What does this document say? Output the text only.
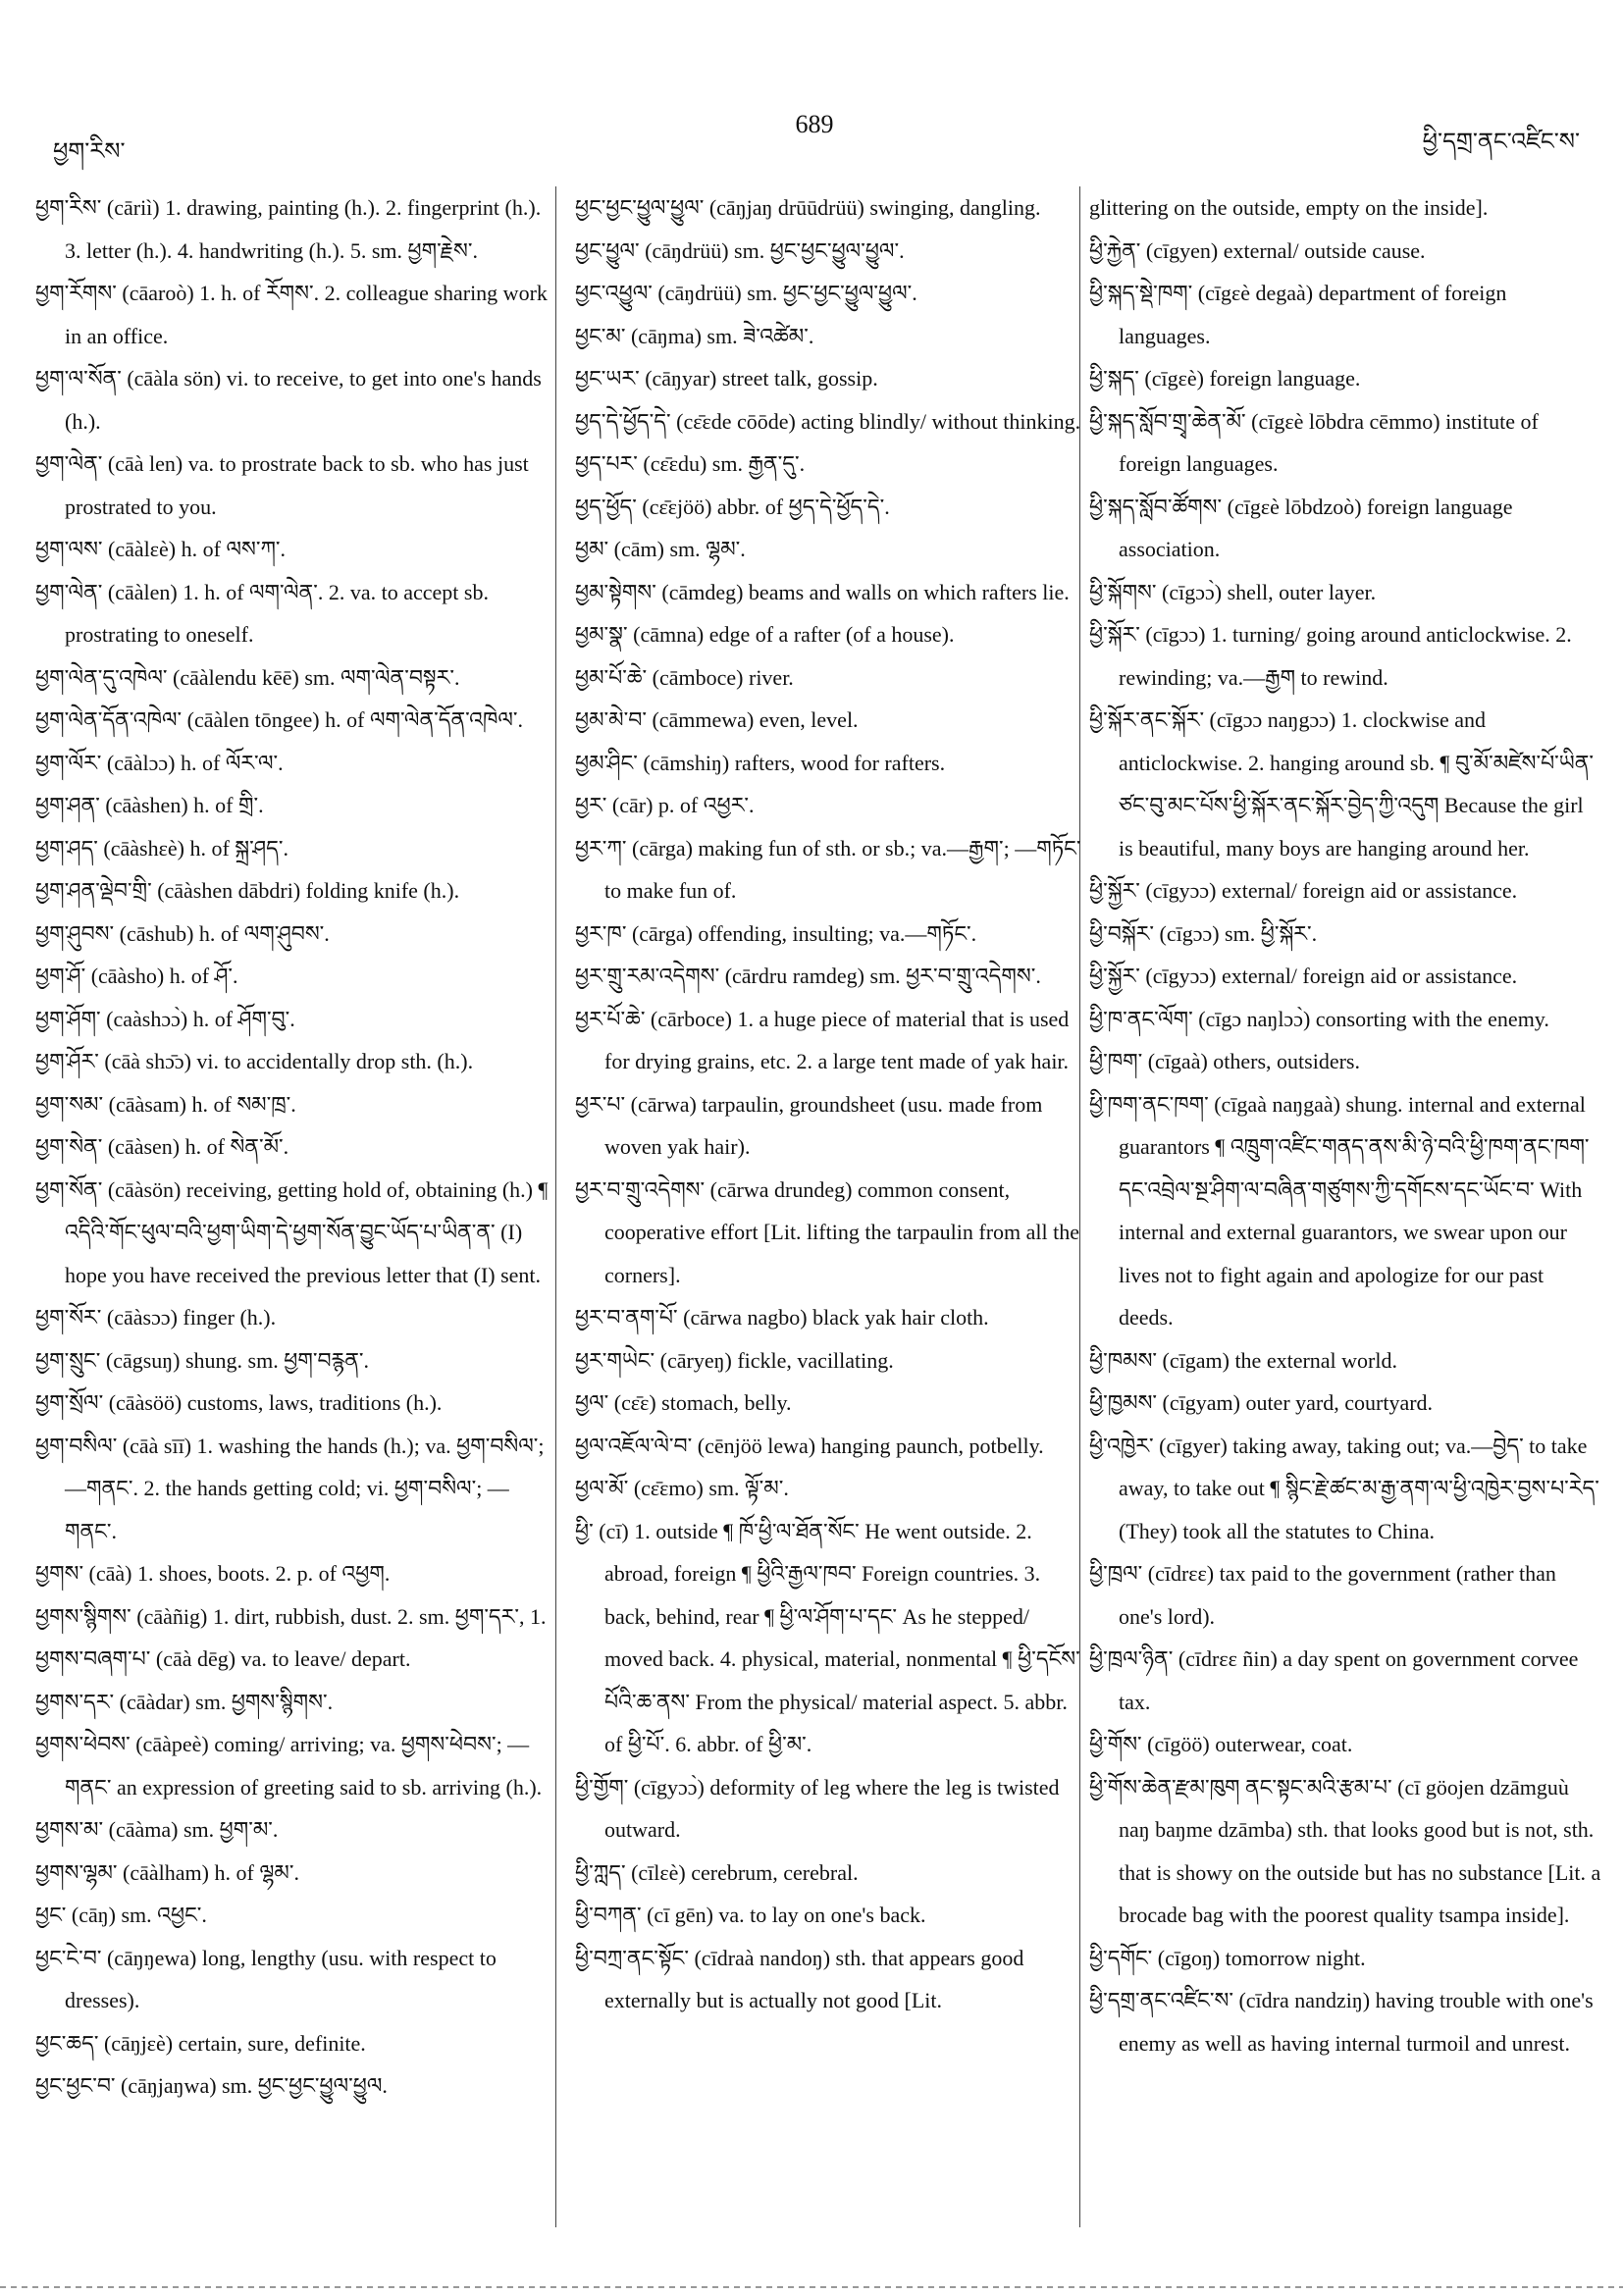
ཕྱག་རིས་
689
ཕྱི་དགྲ་ནང་འཛིང་ས་
ཕྱག་རིས་ (cāriì) 1. drawing, painting (h.). 2. fingerprint (h.). 3. letter (h.). 4. handwriting (h.). 5. sm. ཕྱག་རྗེས་.
ཕྱག་རོགས་ (cāaroò) 1. h. of རོགས་. 2. colleague sharing work in an office.
ཕྱག་ལ་སོན་ (cāàla sön) vi. to receive, to get into one's hands (h.).
ཕྱག་ལེན་ (cāà len) va. to prostrate back to sb. who has just prostrated to you.
ཕྱག་ལས་ (cāàlɛè) h. of ལས་ཀ་.
ཕྱག་ལེན་ (cāàlen) 1. h. of ལག་ལེན་. 2. va. to accept sb. prostrating to oneself.
ཕྱག་ལེན་དུ་འཁེལ་ (cāàlendu kēē) sm. ལག་ལེན་བསྟར་.
ཕྱག་ལེན་དོན་འཁེལ་ (cāàlen tōngee) h. of ལག་ལེན་དོན་འཁེལ་.
ཕྱག་ལོར་ (cāàlɔɔ) h. of ལོར་ལ་.
ཕྱག་ཤན་ (cāàshen) h. of གྲི་.
ཕྱག་ཤད་ (cāàshɛè) h. of སྐྲ་ཤད་.
ཕྱག་ཤན་ལྡེབ་གྲི་ (cāàshen dābdri) folding knife (h.).
ཕྱག་ཤུབས་ (cāshub) h. of ལག་ཤུབས་.
ཕྱག་ཤོ་ (cāàsho) h. of ཤོ་.
ཕྱག་ཤོག་ (caàshɔɔ̀) h. of ཤོག་བུ་.
ཕྱག་ཤོར་ (cāà shɔ̄ɔ) vi. to accidentally drop sth. (h.).
ཕྱག་སམ་ (cāàsam) h. of སམ་ཁྲ་.
ཕྱག་སེན་ (cāàsen) h. of སེན་མོ་.
ཕྱག་སོན་ (cāàsön) receiving, getting hold of, obtaining (h.) ¶ འདིའི་གོང་ཕུལ་བའི་ཕྱག་ཡིག་དེ་ཕྱག་སོན་བྱུང་ཡོད་པ་ཡིན་ན་ (I) hope you have received the previous letter that (I) sent.
ཕྱག་སོར་ (cāàsɔɔ) finger (h.).
ཕྱག་སྲུང་ (cāgsuŋ) shung. sm. ཕྱག་བརྙན་.
ཕྱག་སྲོལ་ (cāàsöö) customs, laws, traditions (h.).
ཕྱག་བསིལ་ (cāà sīī) 1. washing the hands (h.); va. ཕྱག་བསིལ་; —གནང་. 2. the hands getting cold; vi. ཕྱག་བསིལ་; —གནང་.
ཕྱགས་ (cāà) 1. shoes, boots. 2. p. of འཕྱག.
ཕྱགས་སྙིགས་ (cāàñig) 1. dirt, rubbish, dust. 2. sm. ཕྱག་དར་, 1.
ཕྱགས་བཞག་པ་ (cāà dēg) va. to leave/ depart.
ཕྱགས་དར་ (cāàdar) sm. ཕྱགས་སྙིགས་.
ཕྱགས་ཕེབས་ (cāàpeè) coming/ arriving; va. ཕྱགས་ཕེབས་; —གནང་ an expression of greeting said to sb. arriving (h.).
ཕྱགས་མ་ (cāàma) sm. ཕྱག་མ་.
ཕྱགས་ལྷམ་ (cāàlham) h. of ལྷམ་.
ཕྱང་ (cāŋ) sm. འཕྱང་.
ཕྱང་ངེ་བ་ (cāŋŋewa) long, lengthy (usu. with respect to dresses).
ཕྱང་ཆད་ (cāŋjɛè) certain, sure, definite.
ཕྱང་ཕྱང་བ་ (cāŋjaŋwa) sm. ཕྱང་ཕྱང་ཕྱུལ་ཕྱུལ.
ཕྱང་ཕྱང་ཕྱུལ་ཕྱུལ་ (cāŋjaŋ drūūdrüü) swinging, dangling.
ཕྱང་ཕྱུལ་ (cāŋdrüü) sm. ཕྱང་ཕྱང་ཕྱུལ་ཕྱུལ་.
ཕྱང་འཕྱུལ་ (cāŋdrüü) sm. ཕྱང་ཕྱང་ཕྱུལ་ཕྱུལ་.
ཕྱང་མ་ (cāŋma) sm. ཟེ་འཚེམ་.
ཕྱང་ཡར་ (cāŋyar) street talk, gossip.
ཕྱད་དེ་ཕྱོད་དེ་ (cɛ̄ɛde cōōde) acting blindly/ without thinking.
ཕྱད་པར་ (cɛ̄ɛdu) sm. རྒྱན་དུ་.
ཕྱད་ཕྱོད་ (cɛ̄ɛjöö) abbr. of ཕྱད་དེ་ཕྱོད་དེ་.
ཕྱམ་ (cām) sm. ལྷམ་.
ཕྱམ་སྟེགས་ (cāmdeg) beams and walls on which rafters lie.
ཕྱམ་སྣ་ (cāmna) edge of a rafter (of a house).
ཕྱམ་པོ་ཆེ་ (cāmboce) river.
ཕྱམ་མེ་བ་ (cāmmewa) even, level.
ཕྱམ་ཤིང་ (cāmshiŋ) rafters, wood for rafters.
ཕྱར་ (cār) p. of འཕྱར་.
ཕྱར་ཀ་ (cārga) making fun of sth. or sb.; va.—རྒྱག་; —གཏོང་ to make fun of.
ཕྱར་ཁ་ (cārga) offending, insulting; va.—གཏོང་.
ཕྱར་གྲུ་རམ་འདེགས་ (cārdru ramdeg) sm. ཕྱར་བ་གྲུ་འདེགས་.
ཕྱར་པོ་ཆེ་ (cārboce) 1. a huge piece of material that is used for drying grains, etc. 2. a large tent made of yak hair.
ཕྱར་པ་ (cārwa) tarpaulin, groundsheet (usu. made from woven yak hair).
ཕྱར་བ་གྲུ་འདེགས་ (cārwa drundeg) common consent, cooperative effort [Lit. lifting the tarpaulin from all the corners].
ཕྱར་བ་ནག་པོ་ (cārwa nagbo) black yak hair cloth.
ཕྱར་གཡེང་ (cāryeŋ) fickle, vacillating.
ཕྱལ་ (cɛ̄ɛ) stomach, belly.
ཕྱལ་འཇོལ་ལེ་བ་ (cēnjöö lewa) hanging paunch, potbelly.
ཕྱལ་མོ་ (cɛ̄ɛmo) sm. ལྟོ་མ་.
ཕྱི་ (cī) 1. outside ¶ ཁོ་ཕྱི་ལ་ཐོན་སོང་ He went outside. 2. abroad, foreign ¶ ཕྱིའི་རྒྱལ་ཁབ་ Foreign countries. 3. back, behind, rear ¶ ཕྱི་ལ་ཤོག་པ་དང་ As he stepped/ moved back. 4. physical, material, nonmental ¶ ཕྱི་དངོས་པོའི་ཆ་ནས་ From the physical/ material aspect. 5. abbr. of ཕྱི་པོ་. 6. abbr. of ཕྱི་མ་.
ཕྱི་གྱོག་ (cīgyɔɔ̀) deformity of leg where the leg is twisted outward.
ཕྱི་ཀླད་ (cīlɛè) cerebrum, cerebral.
ཕྱི་བཀན་ (cī gēn) va. to lay on one's back.
ཕྱི་བཀྲ་ནང་སྟོང་ (cīdraà nandoŋ) sth. that appears good externally but is actually not good [Lit.
glittering on the outside, empty on the inside].
ཕྱི་རྐྱེན་ (cīgyen) external/ outside cause.
ཕྱི་སྐད་སྡེ་ཁག་ (cīgɛè degaà) department of foreign languages.
ཕྱི་སྐད་ (cīgɛè) foreign language.
ཕྱི་སྐད་སློབ་གྲྭ་ཆེན་མོ་ (cīgɛè lōbdra cēmmo) institute of foreign languages.
ཕྱི་སྐད་སློབ་ཚོགས་ (cīgɛè lōbdzoò) foreign language association.
ཕྱི་སྐོགས་ (cīgɔɔ̀) shell, outer layer.
ཕྱི་སྐོར་ (cīgɔɔ) 1. turning/ going around anticlockwise. 2. rewinding; va.—རྒྱག to rewind.
ཕྱི་སྐོར་ནང་སྐོར་ (cīgɔɔ naŋgɔɔ) 1. clockwise and anticlockwise. 2. hanging around sb. ¶ བུ་མོ་མཛེས་པོ་ཡིན་ཙང་བུ་མང་པོས་ཕྱི་སྐོར་ནང་སྐོར་བྱེད་ཀྱི་འདུག Because the girl is beautiful, many boys are hanging around her.
ཕྱི་སྐྱོར་ (cīgyɔɔ) external/ foreign aid or assistance.
ཕྱི་བསྐོར་ (cīgɔɔ) sm. ཕྱི་སྐོར་.
ཕྱི་སྐྱོར་ (cīgyɔɔ) external/ foreign aid or assistance.
ཕྱི་ཁ་ནང་ལོག་ (cīgɔ naŋlɔɔ̀) consorting with the enemy.
ཕྱི་ཁག་ (cīgaà) others, outsiders.
ཕྱི་ཁག་ནང་ཁག་ (cīgaà naŋgaà) shung. internal and external guarantors ¶ འཁྲུག་འཛིང་གནད་ནས་མི་ཉེ་བའི་ཕྱི་ཁག་ནང་ཁག་དང་འབྲེལ་སྔ་ཤིག་ལ་བཞིན་གཙུགས་ཀྱི་དགོངས་དང་ཡོང་བ་ With internal and external guarantors, we swear upon our lives not to fight again and apologize for our past deeds.
ཕྱི་ཁམས་ (cīgam) the external world.
ཕྱི་ཁྱམས་ (cīgyam) outer yard, courtyard.
ཕྱི་འཁྱེར་ (cīgyer) taking away, taking out; va.—བྱེད་ to take away, to take out ¶ སྙིང་རྗེ་ཚང་མ་རྒྱ་ནག་ལ་ཕྱི་འཁྱེར་བྱས་པ་རེད་ (They) took all the statutes to China.
ཕྱི་ཁྲལ་ (cīdrɛɛ) tax paid to the government (rather than one's lord).
ཕྱི་ཁྲལ་ཉིན་ (cīdrɛɛ ñin) a day spent on government corvee tax.
ཕྱི་གོས་ (cīgöö) outerwear, coat.
ཕྱི་གོས་ཆེན་རྫམ་ཁུག ནང་སྟང་མའི་རྩམ་པ་ (cī göojen dzāmguù naŋ baŋme dzāmba) sth. that looks good but is not, sth. that is showy on the outside but has no substance [Lit. a brocade bag with the poorest quality tsampa inside].
ཕྱི་དགོང་ (cīgoŋ) tomorrow night.
ཕྱི་དགྲ་ནང་འཛིང་ས་ (cīdra nandziŋ) having trouble with one's enemy as well as having internal turmoil and unrest.
